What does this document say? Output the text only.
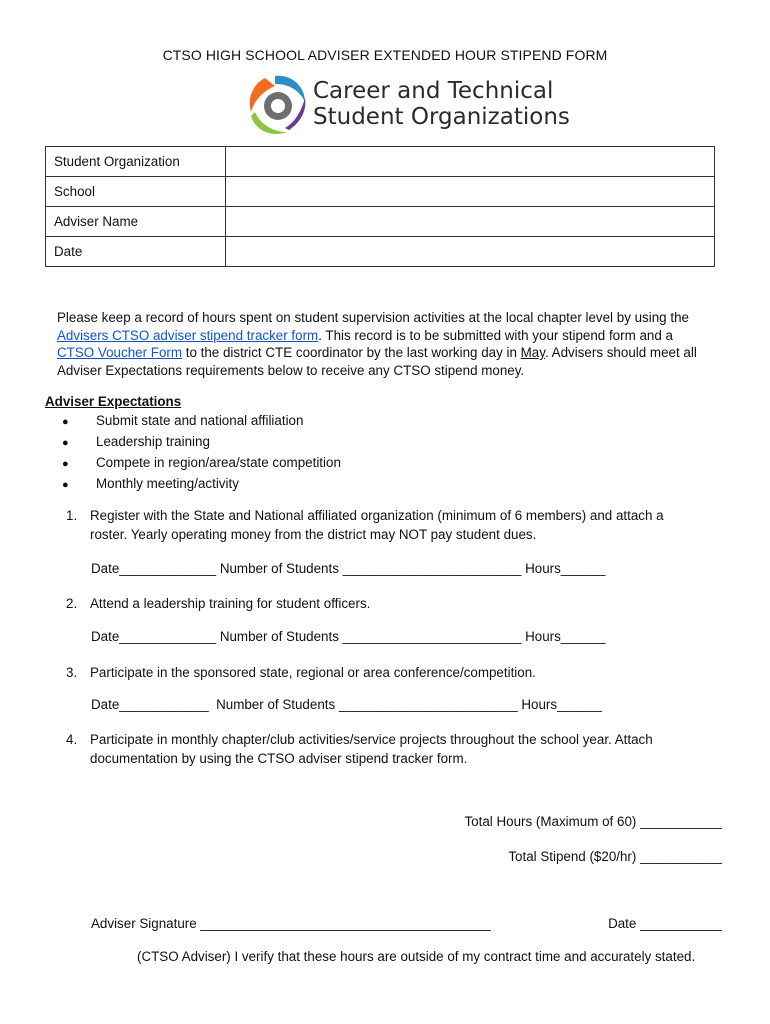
CTSO HIGH SCHOOL ADVISER EXTENDED HOUR STIPEND FORM
Career and Technical
Student Organizations
Student Organization	
School	
Adviser Name	
Date	
Please keep a record of hours spent on student supervision activities at the local chapter level by using the Advisers CTSO adviser stipend tracker form. This record is to be submitted with your stipend form and a
CTSO Voucher Form to the district CTE coordinator by the last working day in May. Advisers should meet all Adviser Expectations requirements below to receive any CTSO stipend money.
Adviser Expectations
● Submit state and national affiliation
● Leadership training
● Compete in region/area/state competition
● Monthly meeting/activity
1. Register with the State and National affiliated organization (minimum of 6 members) and attach a
roster. Yearly operating money from the district may NOT pay student dues.
Date_____________ Number of Students ________________________ Hours______
2. Attend a leadership training for student officers.
Date_____________ Number of Students ________________________ Hours______
3. Participate in the sponsored state, regional or area conference/competition.
Date____________  Number of Students ________________________ Hours______
4. Participate in monthly chapter/club activities/service projects throughout the school year. Attach
documentation by using the CTSO adviser stipend tracker form.
Total Hours (Maximum of 60) ___________
Total Stipend ($20/hr) ___________
Adviser Signature _______________________________________	Date ___________
(CTSO Adviser) I verify that these hours are outside of my contract time and accurately stated.
